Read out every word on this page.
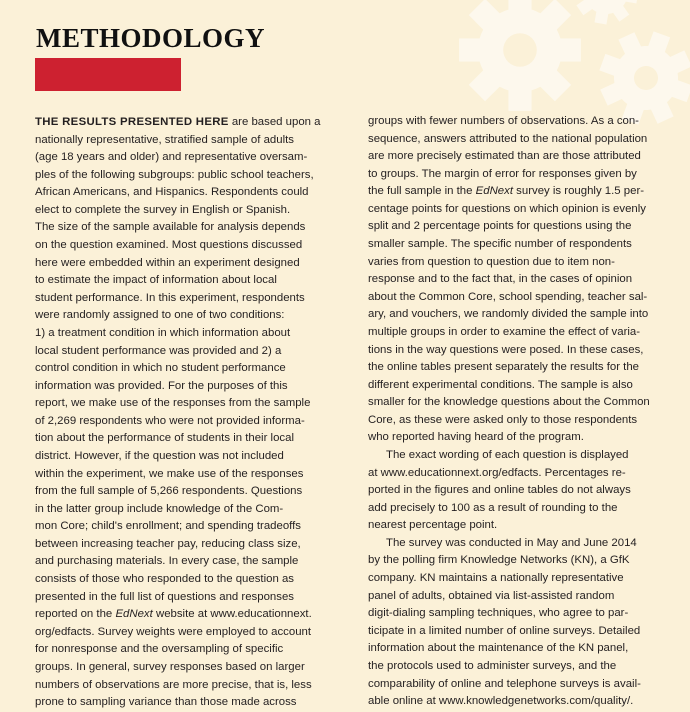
METHODOLOGY
THE RESULTS PRESENTED HERE are based upon a
nationally representative, stratified sample of adults
(age 18 years and older) and representative oversam-
ples of the following subgroups: public school teachers,
African Americans, and Hispanics. Respondents could
elect to complete the survey in English or Spanish.
The size of the sample available for analysis depends
on the question examined. Most questions discussed
here were embedded within an experiment designed
to estimate the impact of information about local
student performance. In this experiment, respondents
were randomly assigned to one of two conditions:
1) a treatment condition in which information about
local student performance was provided and 2) a
control condition in which no student performance
information was provided. For the purposes of this
report, we make use of the responses from the sample
of 2,269 respondents who were not provided informa-
tion about the performance of students in their local
district. However, if the question was not included
within the experiment, we make use of the responses
from the full sample of 5,266 respondents. Questions
in the latter group include knowledge of the Com-
mon Core; child's enrollment; and spending tradeoffs
between increasing teacher pay, reducing class size,
and purchasing materials. In every case, the sample
consists of those who responded to the question as
presented in the full list of questions and responses
reported on the EdNext website at www.educationnext.
org/edfacts. Survey weights were employed to account
for nonresponse and the oversampling of specific
groups. In general, survey responses based on larger
numbers of observations are more precise, that is, less
prone to sampling variance than those made across
groups with fewer numbers of observations. As a con-
sequence, answers attributed to the national population
are more precisely estimated than are those attributed
to groups. The margin of error for responses given by
the full sample in the EdNext survey is roughly 1.5 per-
centage points for questions on which opinion is evenly
split and 2 percentage points for questions using the
smaller sample. The specific number of respondents
varies from question to question due to item non-
response and to the fact that, in the cases of opinion
about the Common Core, school spending, teacher sal-
ary, and vouchers, we randomly divided the sample into
multiple groups in order to examine the effect of varia-
tions in the way questions were posed. In these cases,
the online tables present separately the results for the
different experimental conditions. The sample is also
smaller for the knowledge questions about the Common
Core, as these were asked only to those respondents
who reported having heard of the program.
The exact wording of each question is displayed
at www.educationnext.org/edfacts. Percentages re-
ported in the figures and online tables do not always
add precisely to 100 as a result of rounding to the
nearest percentage point.
The survey was conducted in May and June 2014
by the polling firm Knowledge Networks (KN), a GfK
company. KN maintains a nationally representative
panel of adults, obtained via list-assisted random
digit-dialing sampling techniques, who agree to par-
ticipate in a limited number of online surveys. Detailed
information about the maintenance of the KN panel,
the protocols used to administer surveys, and the
comparability of online and telephone surveys is avail-
able online at www.knowledgenetworks.com/quality/.
